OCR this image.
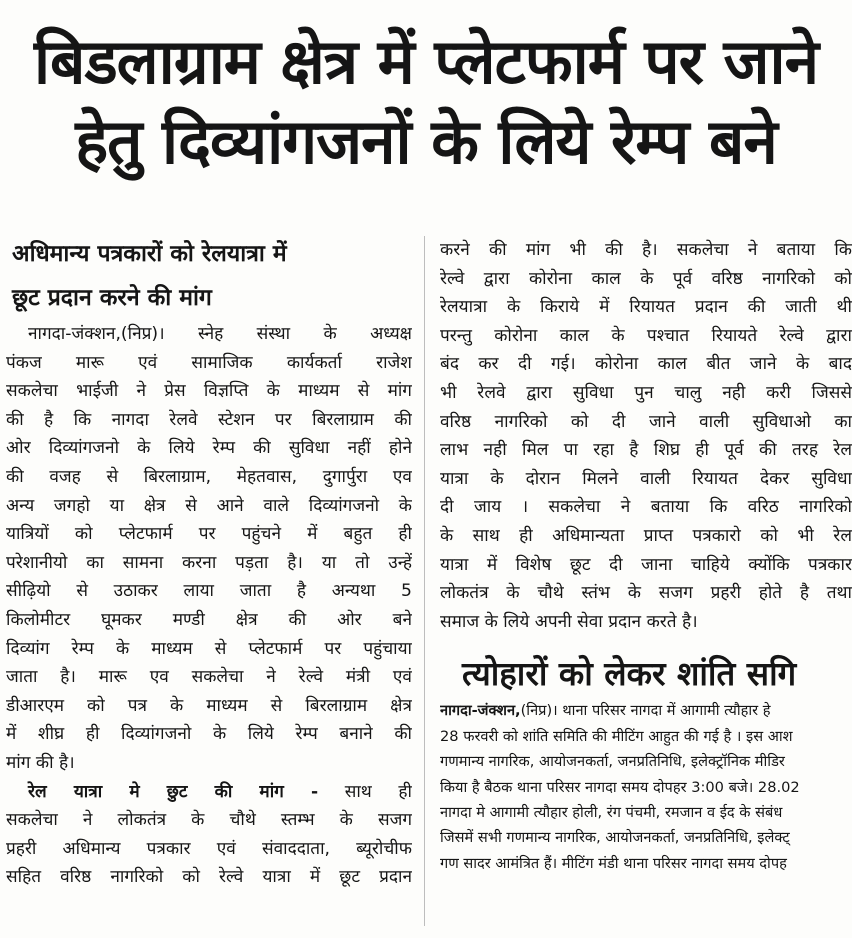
बिडलाग्राम क्षेत्र में प्लेटफार्म पर जाने
हेतु दिव्यांगजनों के लिये रेम्प बने
अधिमान्य पत्रकारों को रेलयात्रा में
छूट प्रदान करने की मांग
नागदा-जंक्शन,(निप्र)। स्नेह संस्था के अध्यक्ष
पंकज मारू एवं सामाजिक कार्यकर्ता राजेश
सकलेचा भाईजी ने प्रेस विज्ञप्ति के माध्यम से मांग
की है कि नागदा रेलवे स्टेशन पर बिरलाग्राम की
ओर दिव्यांगजनो के लिये रेम्प की सुविधा नहीं होने
की वजह से बिरलाग्राम, मेहतवास, दुगार्पुरा एव
अन्य जगहो या क्षेत्र से आने वाले दिव्यांगजनो के
यात्रियों को प्लेटफार्म पर पहुंचने में बहुत ही
परेशानीयो का सामना करना पड़ता है। या तो उन्हें
सीढ़ियो से उठाकर लाया जाता है अन्यथा 5
किलोमीटर घूमकर मण्डी क्षेत्र की ओर बने
दिव्यांग रेम्प के माध्यम से प्लेटफार्म पर पहुंचाया
जाता है। मारू एव सकलेचा ने रेल्वे मंत्री एवं
डीआरएम को पत्र के माध्यम से बिरलाग्राम क्षेत्र
में शीघ्र ही दिव्यांगजनो के लिये रेम्प बनाने की
मांग की है।
रेल यात्रा मे छुट की मांग - साथ ही
सकलेचा ने लोकतंत्र के चौथे स्तम्भ के सजग
प्रहरी अधिमान्य पत्रकार एवं संवाददाता, ब्यूरोचीफ
सहित वरिष्ठ नागरिको को रेल्वे यात्रा में छूट प्रदान
करने की मांग भी की है। सकलेचा ने बताया कि
रेल्वे द्वारा कोरोना काल के पूर्व वरिष्ठ नागरिको को
रेलयात्रा के किराये में रियायत प्रदान की जाती थी
परन्तु कोरोना काल के पश्चात रियायते रेल्वे द्वारा
बंद कर दी गई। कोरोना काल बीत जाने के बाद
भी रेलवे द्वारा सुविधा पुन चालु नही करी जिससे
वरिष्ठ नागरिको को दी जाने वाली सुविधाओ का
लाभ नही मिल पा रहा है शिघ्र ही पूर्व की तरह रेल
यात्रा के दोरान मिलने वाली रियायत देकर सुविधा
दी जाय । सकलेचा ने बताया कि वरिठ नागरिको
के साथ ही अधिमान्यता प्राप्त पत्रकारो को भी रेल
यात्रा में विशेष छूट दी जाना चाहिये क्योंकि पत्रकार
लोकतंत्र के चौथे स्तंभ के सजग प्रहरी होते है तथा
समाज के लिये अपनी सेवा प्रदान करते है।
त्योहारों को लेकर शांति सगि
नागदा-जंक्शन,(निप्र)। थाना परिसर नागदा में आगामी त्यौहार हे
28 फरवरी को शांति समिति की मीटिंग आहुत की गई है । इस आश
गणमान्य नागरिक, आयोजनकर्ता, जनप्रतिनिधि, इलेक्ट्रॉनिक मीडिर
किया है बैठक थाना परिसर नागदा समय दोपहर 3:00 बजे। 28.02
नागदा मे आगामी त्यौहार होली, रंग पंचमी, रमजान व ईद के संबंध
जिसमें सभी गणमान्य नागरिक, आयोजनकर्ता, जनप्रतिनिधि, इलेक्ट्
गण सादर आमंत्रित हैं। मीटिंग मंडी थाना परिसर नागदा समय दोपह
